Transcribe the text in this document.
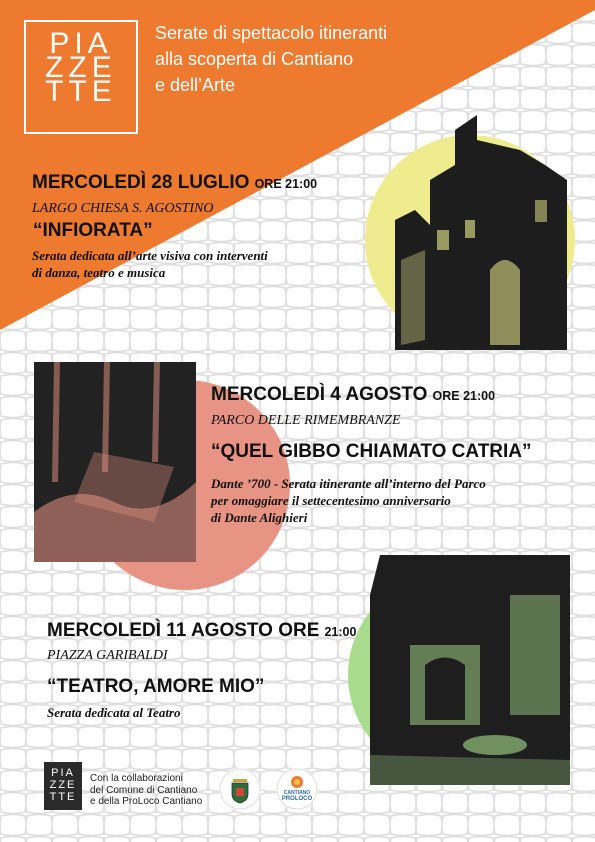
PIA
ZZE
TTE
Serate di spettacolo itineranti
alla scoperta di Cantiano
e dell’Arte
MERCOLEDÌ 28 LUGLIO ORE 21:00
LARGO CHIESA S. AGOSTINO
“INFIORATA”
Serata dedicata all’arte visiva con interventi
di danza, teatro e musica
MERCOLEDÌ 4 AGOSTO ORE 21:00
PARCO DELLE RIMEMBRANZE
“QUEL GIBBO CHIAMATO CATRIA”
Dante ’700 - Serata itinerante all’interno del Parco
per omaggiare il settecentesimo anniversario
di Dante Alighieri
MERCOLEDÌ 11 AGOSTO ORE 21:00
PIAZZA GARIBALDI
“TEATRO, AMORE MIO”
Serata dedicata al Teatro
PIA
ZZE
TTE
Con la collaborazioni
del Comune di Cantiano
e della ProLoco Cantiano
CANTIANO
PROLOCO
